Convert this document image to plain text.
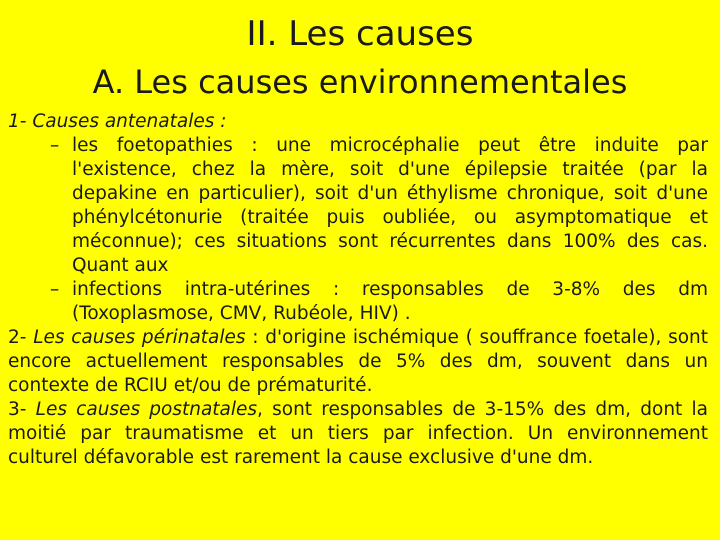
II. Les causes
A. Les causes environnementales

1- Causes antenatales :

– les foetopathies : une microcéphalie peut être induite par l'existence, chez la mère, soit d'une épilepsie traitée (par la depakine en particulier), soit d'un éthylisme chronique, soit d'une phénylcétonurie (traitée puis oubliée, ou asymptomatique et méconnue); ces situations sont récurrentes dans 100% des cas. Quant aux

– infections intra-utérines : responsables de 3-8% des dm (Toxoplasmose, CMV, Rubéole, HIV) .

2- Les causes périnatales : d'origine ischémique ( souffrance foetale), sont encore actuellement responsables de 5% des dm, souvent dans un contexte de RCIU et/ou de prématurité.

3- Les causes postnatales, sont responsables de 3-15% des dm, dont la moitié par traumatisme et un tiers par infection. Un environnement culturel défavorable est rarement la cause exclusive d'une dm.
